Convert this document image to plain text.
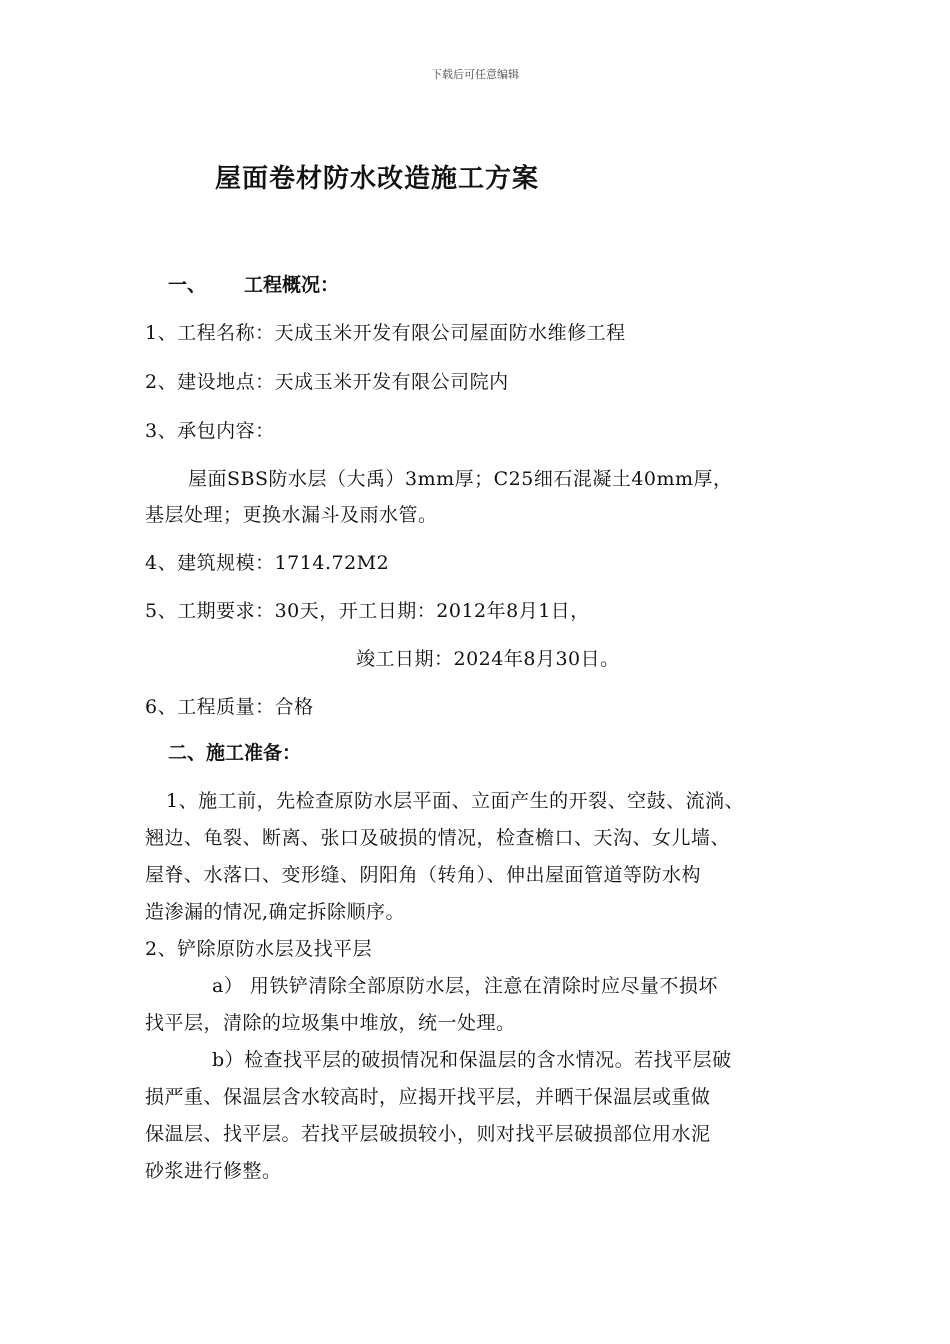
下载后可任意编辑
屋面卷材防水改造施工方案
一、 工程概况：
1、工程名称：天成玉米开发有限公司屋面防水维修工程
2、建设地点：天成玉米开发有限公司院内
3、承包内容：
屋面SBS防水层（大禹）3mm厚；C25细石混凝土40mm厚，
基层处理；更换水漏斗及雨水管。
4、建筑规模：1714.72M2
5、工期要求：30天，开工日期：2012年8月1日，
竣工日期：2024年8月30日。
6、工程质量：合格
二、施工准备：
1、施工前，先检查原防水层平面、立面产生的开裂、空鼓、流淌、
翘边、龟裂、断离、张口及破损的情况，检查檐口、天沟、女儿墙、
屋脊、水落口、变形缝、阴阳角（转角）、伸出屋面管道等防水构
造渗漏的情况,确定拆除顺序。
2、铲除原防水层及找平层
a） 用铁铲清除全部原防水层，注意在清除时应尽量不损坏
找平层，清除的垃圾集中堆放，统一处理。
b）检查找平层的破损情况和保温层的含水情况。若找平层破
损严重、保温层含水较高时，应揭开找平层，并晒干保温层或重做
保温层、找平层。若找平层破损较小，则对找平层破损部位用水泥
砂浆进行修整。
